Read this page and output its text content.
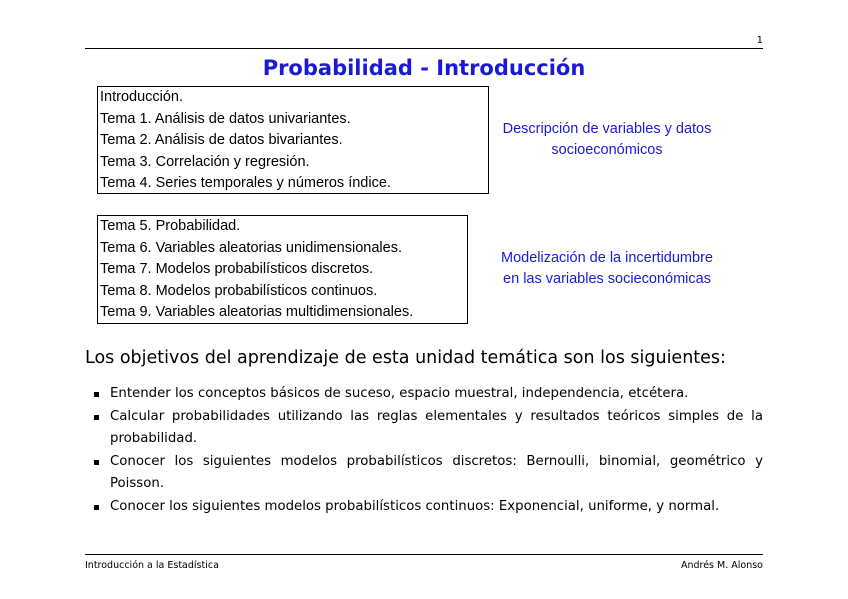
1
Probabilidad - Introducción
Introducción.
Tema 1. Análisis de datos univariantes.
Tema 2. Análisis de datos bivariantes.
Tema 3. Correlación y regresión.
Tema 4. Series temporales y números índice.
Descripción de variables y datos
socioeconómicos
Tema 5. Probabilidad.
Tema 6. Variables aleatorias unidimensionales.
Tema 7. Modelos probabilísticos discretos.
Tema 8. Modelos probabilísticos continuos.
Tema 9. Variables aleatorias multidimensionales.
Modelización de la incertidumbre
en las variables socieconómicas
Los objetivos del aprendizaje de esta unidad temática son los siguientes:
Entender los conceptos básicos de suceso, espacio muestral, independencia, etcétera.
Calcular probabilidades utilizando las reglas elementales y resultados teóricos simples de la probabilidad.
Conocer los siguientes modelos probabilísticos discretos: Bernoulli, binomial, geométrico y Poisson.
Conocer los siguientes modelos probabilísticos continuos: Exponencial, uniforme, y normal.
Introducción a la Estadística	Andrés M. Alonso
